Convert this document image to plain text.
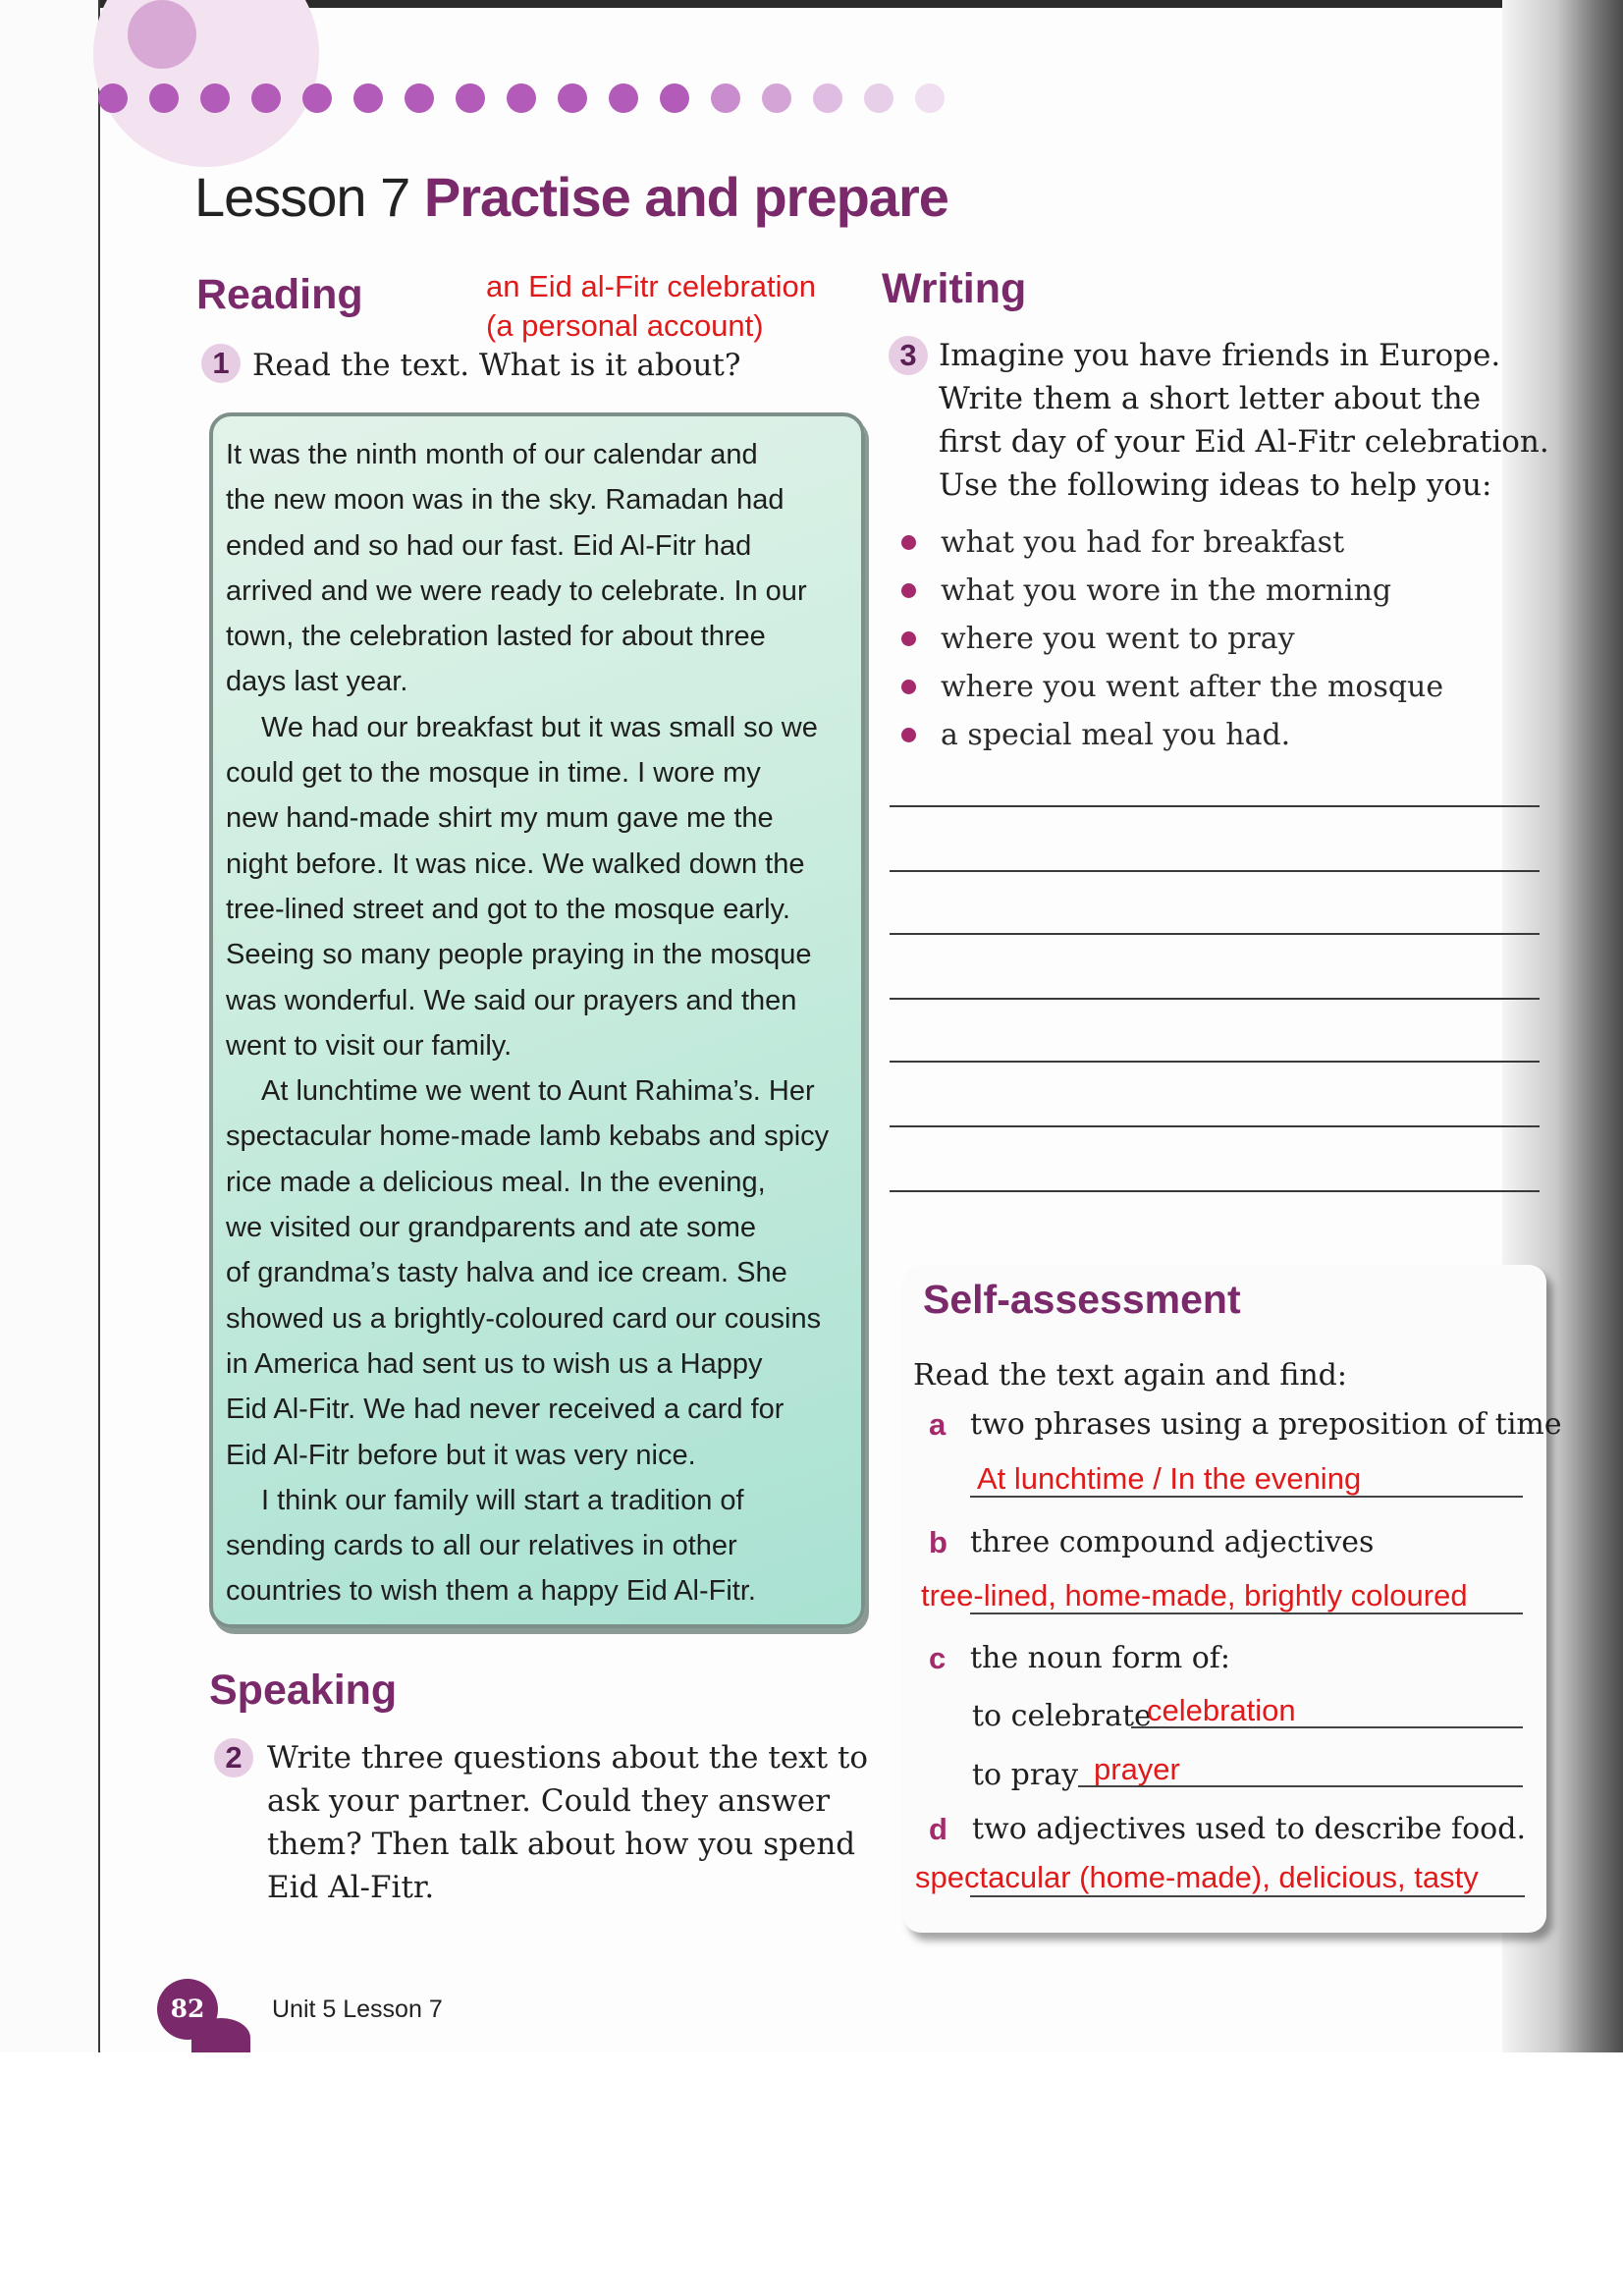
Lesson 7 Practise and prepare
Reading	an Eid al-Fitr celebration
(a personal account)
1 Read the text. What is it about?

It was the ninth month of our calendar and

the new moon was in the sky. Ramadan had

ended and so had our fast. Eid Al-Fitr had

arrived and we were ready to celebrate. In our

town, the celebration lasted for about three

days last year.

We had our breakfast but it was small so we

could get to the mosque in time. I wore my

new hand-made shirt my mum gave me the

night before. It was nice. We walked down the

tree-lined street and got to the mosque early.

Seeing so many people praying in the mosque

was wonderful. We said our prayers and then

went to visit our family.

At lunchtime we went to Aunt Rahima’s. Her

spectacular home-made lamb kebabs and spicy

rice made a delicious meal. In the evening,

we visited our grandparents and ate some

of grandma’s tasty halva and ice cream. She

showed us a brightly-coloured card our cousins

in America had sent us to wish us a Happy

Eid Al-Fitr. We had never received a card for

Eid Al-Fitr before but it was very nice.

I think our family will start a tradition of

sending cards to all our relatives in other

countries to wish them a happy Eid Al-Fitr.

Speaking
2 Write three questions about the text to
ask your partner. Could they answer
them? Then talk about how you spend
Eid Al-Fitr.
Writing
3 Imagine you have friends in Europe.
Write them a short letter about the
first day of your Eid Al-Fitr celebration.
Use the following ideas to help you:
what you had for breakfast
what you wore in the morning
where you went to pray
where you went after the mosque
a special meal you had.
Self-assessment
Read the text again and find:
a two phrases using a preposition of time
At lunchtime / In the evening
b three compound adjectives
tree-lined, home-made, brightly coloured
c the noun form of:
to celebrate
celebration
to pray prayer
d two adjectives used to describe food.
spectacular (home-made), delicious, tasty
82	Unit 5 Lesson 7
